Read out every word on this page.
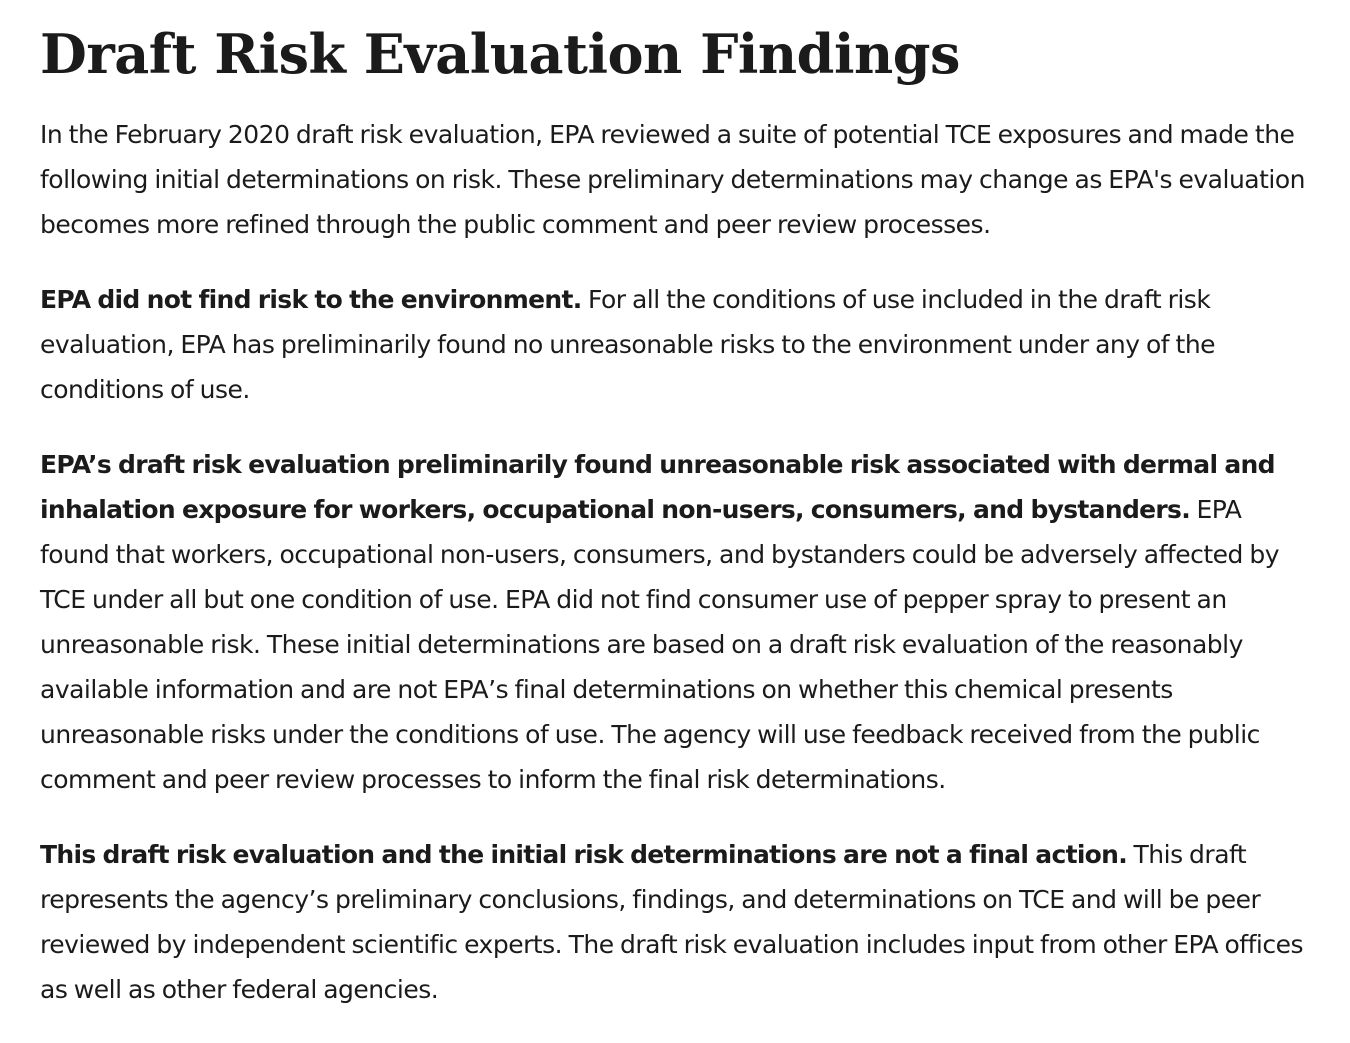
Draft Risk Evaluation Findings

In the February 2020 draft risk evaluation, EPA reviewed a suite of potential TCE exposures and made the following initial determinations on risk. These preliminary determinations may change as EPA's evaluation becomes more refined through the public comment and peer review processes.

EPA did not find risk to the environment. For all the conditions of use included in the draft risk evaluation, EPA has preliminarily found no unreasonable risks to the environment under any of the conditions of use.

EPA’s draft risk evaluation preliminarily found unreasonable risk associated with dermal and inhalation exposure for workers, occupational non-users, consumers, and bystanders. EPA found that workers, occupational non-users, consumers, and bystanders could be adversely affected by TCE under all but one condition of use. EPA did not find consumer use of pepper spray to present an unreasonable risk. These initial determinations are based on a draft risk evaluation of the reasonably available information and are not EPA’s final determinations on whether this chemical presents unreasonable risks under the conditions of use. The agency will use feedback received from the public comment and peer review processes to inform the final risk determinations.

This draft risk evaluation and the initial risk determinations are not a final action. This draft represents the agency’s preliminary conclusions, findings, and determinations on TCE and will be peer reviewed by independent scientific experts. The draft risk evaluation includes input from other EPA offices as well as other federal agencies.
